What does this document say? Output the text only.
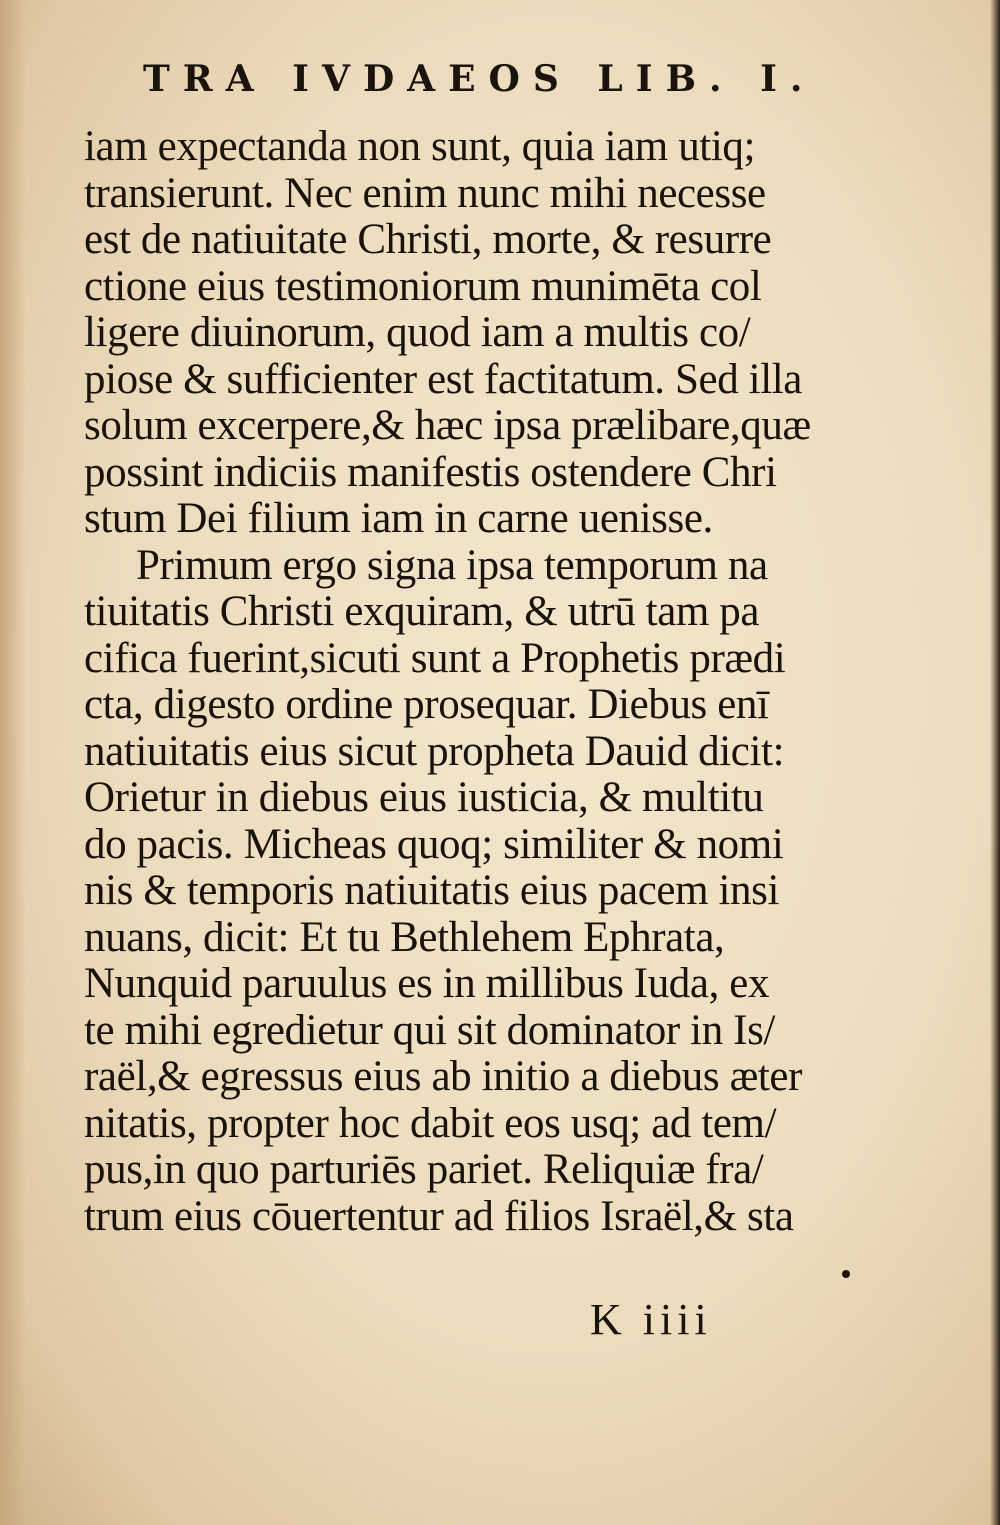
TRA IVDAEOS LIB. I.
iam expectanda non sunt, quia iam utiq;
transierunt. Nec enim nunc mihi necesse
est de natiuitate Christi, morte, & resurre
ctione eius testimoniorum munimēta col
ligere diuinorum, quod iam a multis co/
piose & sufficienter est factitatum. Sed illa
solum excerpere,& hæc ipsa prælibare,quæ
possint indiciis manifestis ostendere Chri
stum Dei filium iam in carne uenisse.
Primum ergo signa ipsa temporum na
tiuitatis Christi exquiram, & utrū tam pa
cifica fuerint,sicuti sunt a Prophetis prædi
cta, digesto ordine prosequar. Diebus enī
natiuitatis eius sicut propheta Dauid dicit:
Orietur in diebus eius iusticia, & multitu
do pacis. Micheas quoq; similiter & nomi
nis & temporis natiuitatis eius pacem insi
nuans, dicit: Et tu Bethlehem Ephrata,
Nunquid paruulus es in millibus Iuda, ex
te mihi egredietur qui sit dominator in Is/
raël,& egressus eius ab initio a diebus æter
nitatis, propter hoc dabit eos usq; ad tem/
pus,in quo parturiēs pariet. Reliquiæ fra/
trum eius cōuertentur ad filios Israël,& sta
K iiii
